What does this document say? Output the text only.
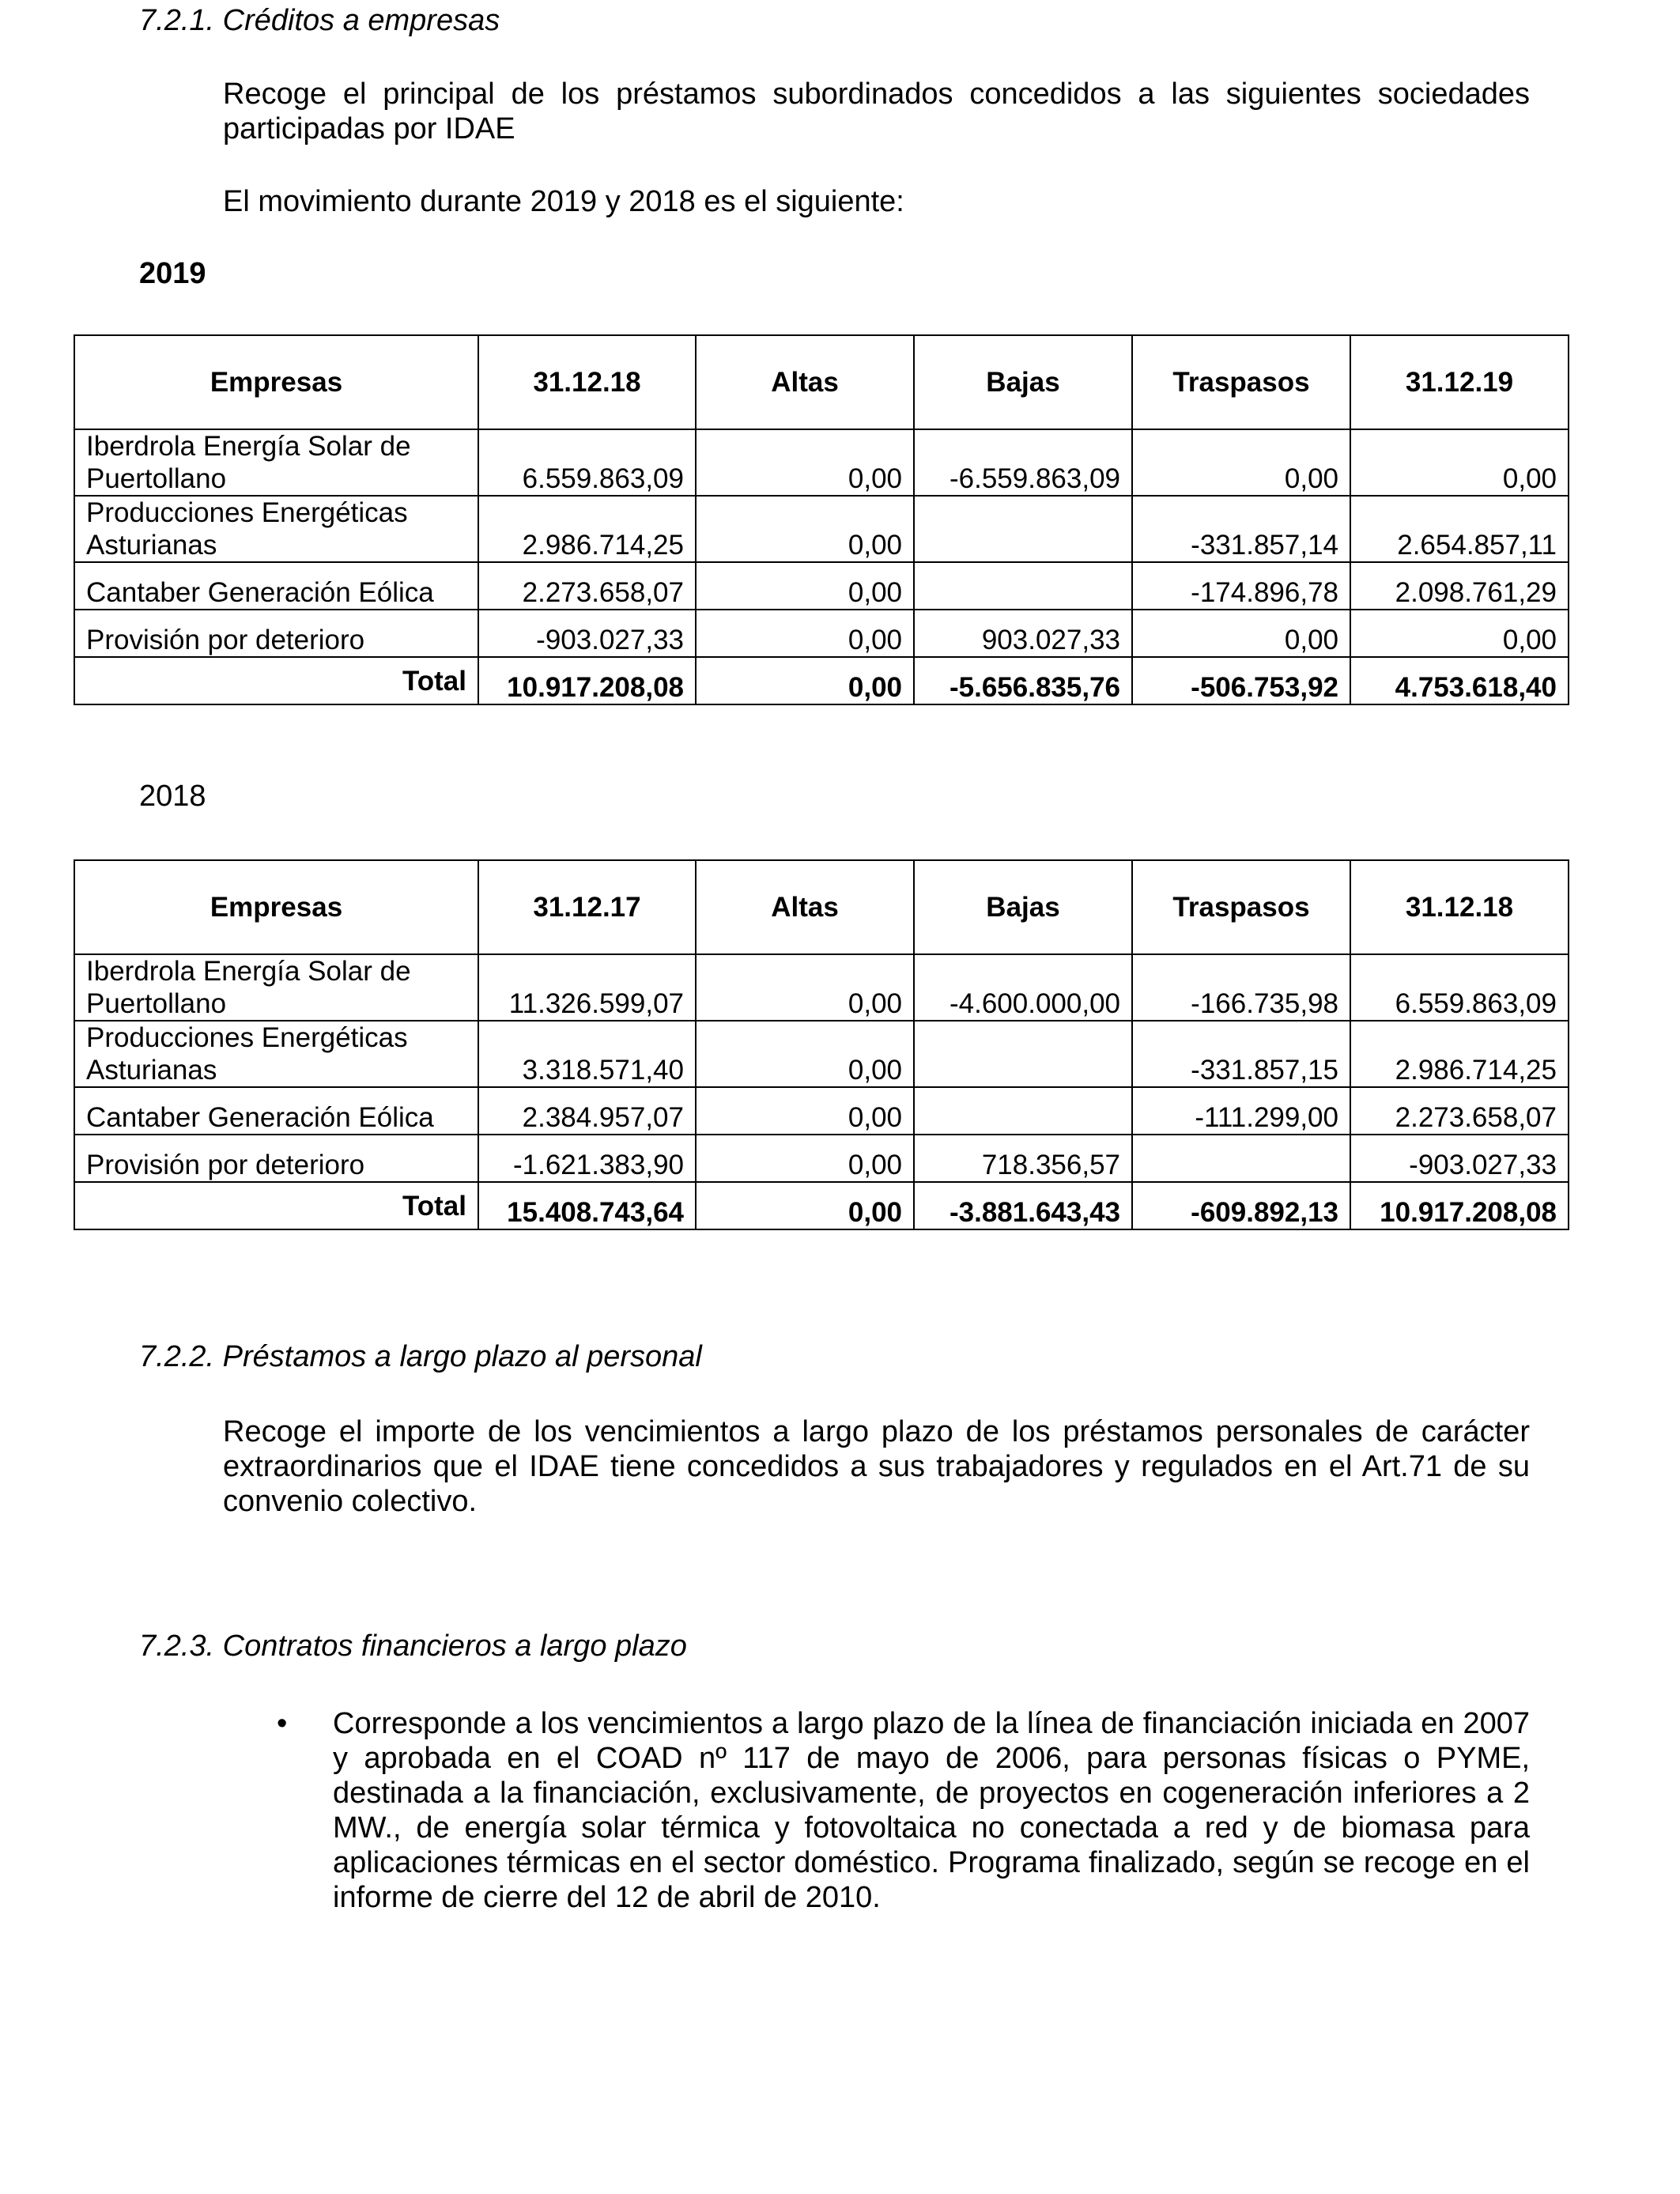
7.2.1. Créditos a empresas
Recoge el principal de los préstamos subordinados concedidos a las siguientes sociedades participadas por IDAE
El movimiento durante 2019 y 2018 es el siguiente:
2019
Empresas	31.12.18	Altas	Bajas	Traspasos	31.12.19
Iberdrola Energía Solar de Puertollano	6.559.863,09	0,00	-6.559.863,09	0,00	0,00
Producciones Energéticas Asturianas	2.986.714,25	0,00		-331.857,14	2.654.857,11
Cantaber Generación Eólica	2.273.658,07	0,00		-174.896,78	2.098.761,29
Provisión por deterioro	-903.027,33	0,00	903.027,33	0,00	0,00
Total	10.917.208,08	0,00	-5.656.835,76	-506.753,92	4.753.618,40
2018
Empresas	31.12.17	Altas	Bajas	Traspasos	31.12.18
Iberdrola Energía Solar de Puertollano	11.326.599,07	0,00	-4.600.000,00	-166.735,98	6.559.863,09
Producciones Energéticas Asturianas	3.318.571,40	0,00		-331.857,15	2.986.714,25
Cantaber Generación Eólica	2.384.957,07	0,00		-111.299,00	2.273.658,07
Provisión por deterioro	-1.621.383,90	0,00	718.356,57		-903.027,33
Total	15.408.743,64	0,00	-3.881.643,43	-609.892,13	10.917.208,08
7.2.2. Préstamos a largo plazo al personal
Recoge el importe de los vencimientos a largo plazo de los préstamos personales de carácter extraordinarios que el IDAE tiene concedidos a sus trabajadores y regulados en el Art.71 de su convenio colectivo.
7.2.3. Contratos financieros a largo plazo
• Corresponde a los vencimientos a largo plazo de la línea de financiación iniciada en 2007 y aprobada en el COAD nº 117 de mayo de 2006, para personas físicas o PYME, destinada a la financiación, exclusivamente, de proyectos en cogeneración inferiores a 2 MW., de energía solar térmica y fotovoltaica no conectada a red y de biomasa para aplicaciones térmicas en el sector doméstico. Programa finalizado, según se recoge en el informe de cierre del 12 de abril de 2010.
